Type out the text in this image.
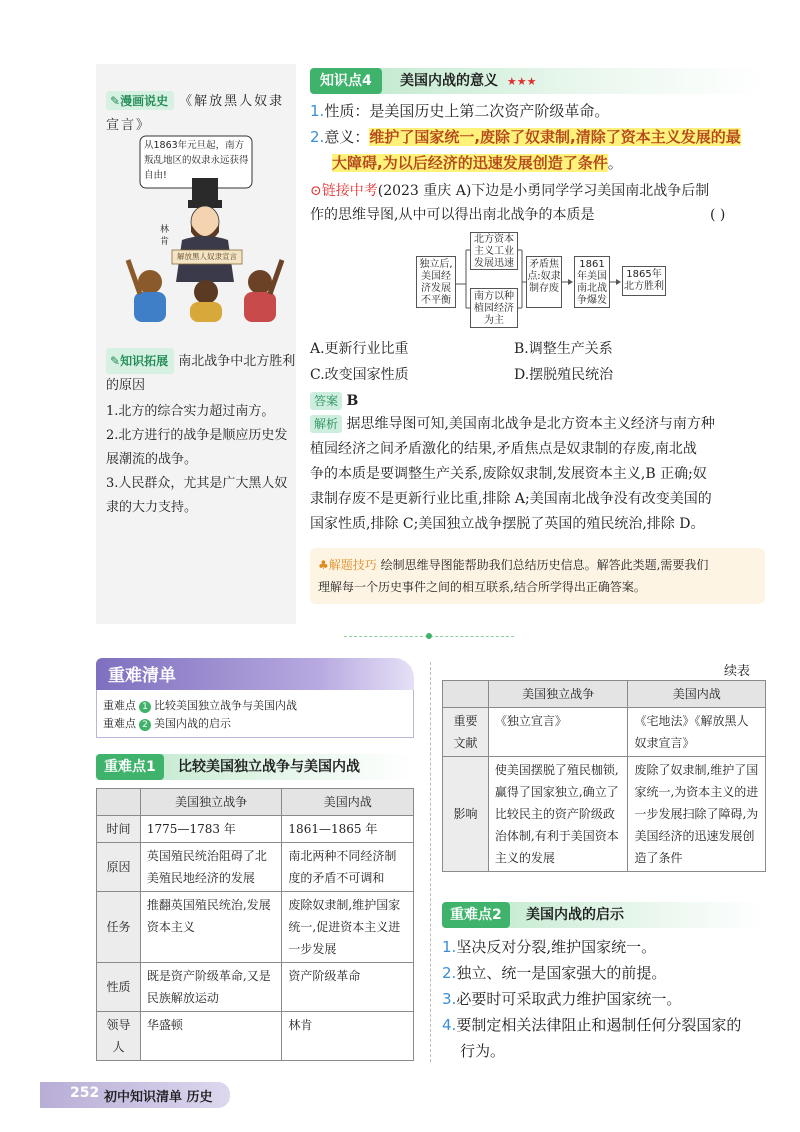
✎漫画说史 《解放黑人奴隶宣言》
从1863年元旦起，南方叛乱地区的奴隶永远获得自由!
林
肯
解放黑人奴隶宣言
✎知识拓展 南北战争中北方胜利的原因
1.北方的综合实力超过南方。
2.北方进行的战争是顺应历史发展潮流的战争。
3.人民群众，尤其是广大黑人奴隶的大力支持。
知识点4	美国内战的意义 ★★★
1.性质：是美国历史上第二次资产阶级革命。
2.意义：维护了国家统一,废除了奴隶制,清除了资本主义发展的最
大障碍,为以后经济的迅速发展创造了条件。
⊙链接中考(2023 重庆 A)下边是小勇同学学习美国南北战争后制
作的思维导图,从中可以得出南北战争的本质是	( )
独立后,美国经济发展不平衡
北方资本主义工业发展迅速
南方以种植园经济为主
矛盾焦点:奴隶制存废
1861年美国南北战争爆发
1865年北方胜利
A.更新行业比重	B.调整生产关系
C.改变国家性质	D.摆脱殖民统治
答案 B
解析 据思维导图可知,美国南北战争是北方资本主义经济与南方种
植园经济之间矛盾激化的结果,矛盾焦点是奴隶制的存废,南北战
争的本质是要调整生产关系,废除奴隶制,发展资本主义,B 正确;奴
隶制存废不是更新行业比重,排除 A;美国南北战争没有改变美国的
国家性质,排除 C;美国独立战争摆脱了英国的殖民统治,排除 D。
♣解题技巧 绘制思维导图能帮助我们总结历史信息。解答此类题,需要我们
理解每一个历史事件之间的相互联系,结合所学得出正确答案。
重难清单
重难点 1 比较美国独立战争与美国内战
重难点 2 美国内战的启示
重难点1	比较美国独立战争与美国内战
	美国独立战争	美国内战
时间	1775—1783 年	1861—1865 年
原因	英国殖民统治阻碍了北美殖民地经济的发展	南北两种不同经济制度的矛盾不可调和
任务	推翻英国殖民统治,发展资本主义	废除奴隶制,维护国家统一,促进资本主义进一步发展
性质	既是资产阶级革命,又是民族解放运动	资产阶级革命
领导人	华盛顿	林肯
续表
	美国独立战争	美国内战
重要文献	《独立宣言》	《宅地法》《解放黑人奴隶宣言》
影响	使美国摆脱了殖民枷锁,赢得了国家独立,确立了比较民主的资产阶级政治体制,有利于美国资本主义的发展	废除了奴隶制,维护了国家统一,为资本主义的进一步发展扫除了障碍,为美国经济的迅速发展创造了条件
重难点2	美国内战的启示
1.坚决反对分裂,维护国家统一。
2.独立、统一是国家强大的前提。
3.必要时可采取武力维护国家统一。
4.要制定相关法律阻止和遏制任何分裂国家的
行为。
252 初中知识清单 历史
